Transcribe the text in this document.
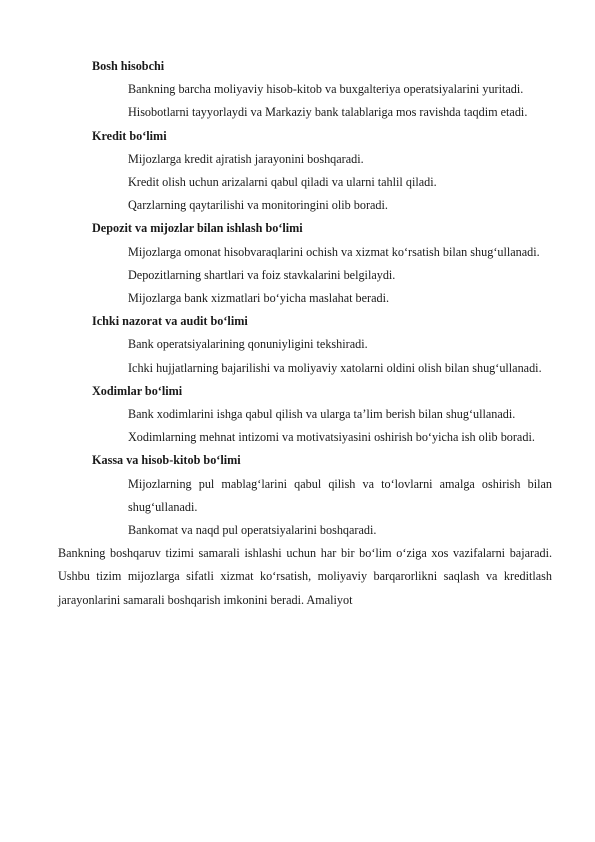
Bosh hisobchi
Bankning barcha moliyaviy hisob-kitob va buxgalteriya operatsiyalarini yuritadi.
Hisobotlarni tayyorlaydi va Markaziy bank talablariga mos ravishda taqdim etadi.
Kredit bo‘limi
Mijozlarga kredit ajratish jarayonini boshqaradi.
Kredit olish uchun arizalarni qabul qiladi va ularni tahlil qiladi.
Qarzlarning qaytarilishi va monitoringini olib boradi.
Depozit va mijozlar bilan ishlash bo‘limi
Mijozlarga omonat hisobvaraqlarini ochish va xizmat ko‘rsatish bilan shug‘ullanadi.
Depozitlarning shartlari va foiz stavkalarini belgilaydi.
Mijozlarga bank xizmatlari bo‘yicha maslahat beradi.
Ichki nazorat va audit bo‘limi
Bank operatsiyalarining qonuniyligini tekshiradi.
Ichki hujjatlarning bajarilishi va moliyaviy xatolarni oldini olish bilan shug‘ullanadi.
Xodimlar bo‘limi
Bank xodimlarini ishga qabul qilish va ularga ta’lim berish bilan shug‘ullanadi.
Xodimlarning mehnat intizomi va motivatsiyasini oshirish bo‘yicha ish olib boradi.
Kassa va hisob-kitob bo‘limi
Mijozlarning pul mablag‘larini qabul qilish va to‘lovlarni amalga oshirish bilan shug‘ullanadi.
Bankomat va naqd pul operatsiyalarini boshqaradi.
Bankning boshqaruv tizimi samarali ishlashi uchun har bir bo‘lim o‘ziga xos vazifalarni bajaradi. Ushbu tizim mijozlarga sifatli xizmat ko‘rsatish, moliyaviy barqarorlikni saqlash va kreditlash jarayonlarini samarali boshqarish imkonini beradi. Amaliyot
